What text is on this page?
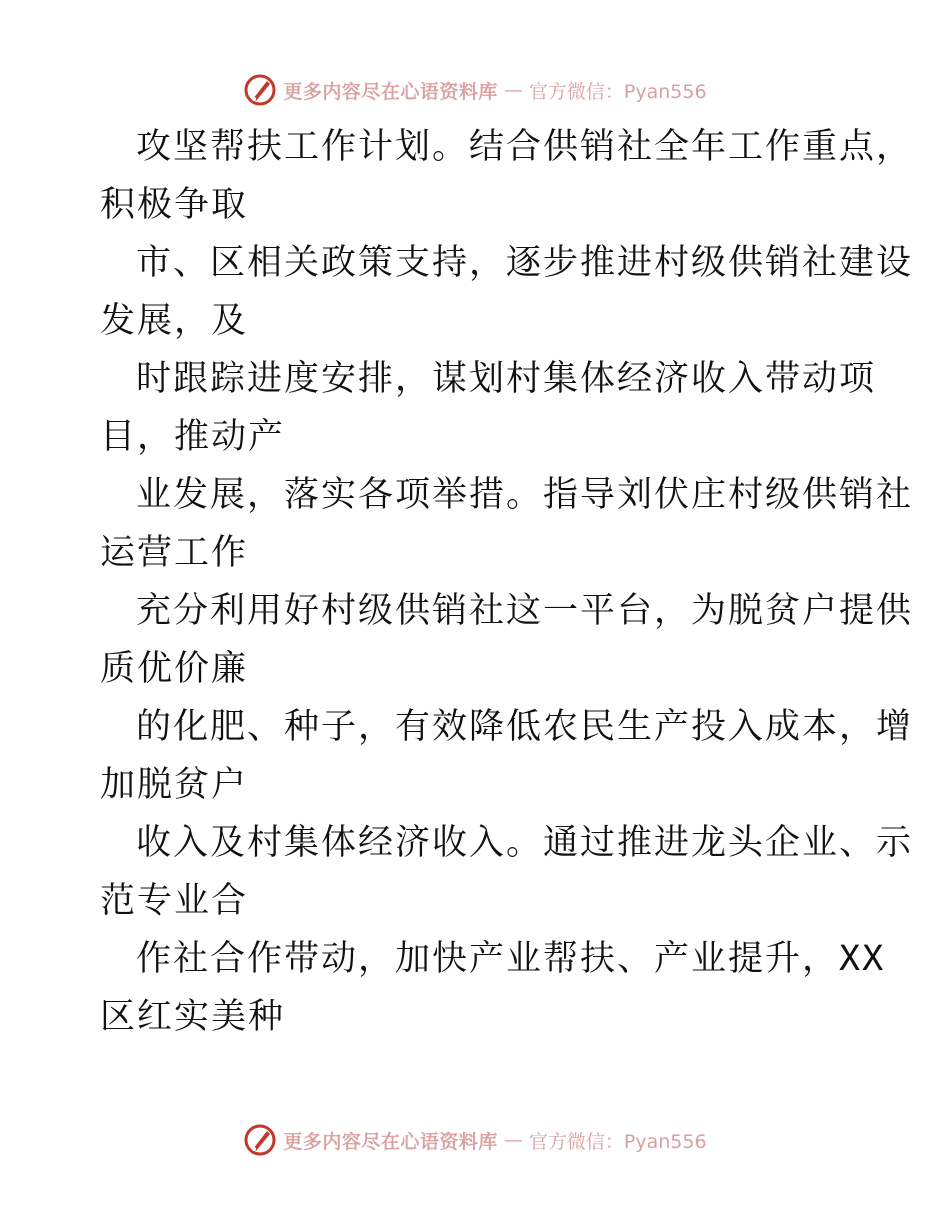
更多内容尽在心语资料库 — 官方微信：Pyan556
攻坚帮扶工作计划。结合供销社全年工作重点，
积极争取
市、区相关政策支持，逐步推进村级供销社建设
发展，及
时跟踪进度安排，谋划村集体经济收入带动项
目，推动产
业发展，落实各项举措。指导刘伏庄村级供销社
运营工作
充分利用好村级供销社这一平台，为脱贫户提供
质优价廉
的化肥、种子，有效降低农民生产投入成本，增
加脱贫户
收入及村集体经济收入。通过推进龙头企业、示
范专业合
作社合作带动，加快产业帮扶、产业提升，XX
区红实美种
更多内容尽在心语资料库 — 官方微信：Pyan556
